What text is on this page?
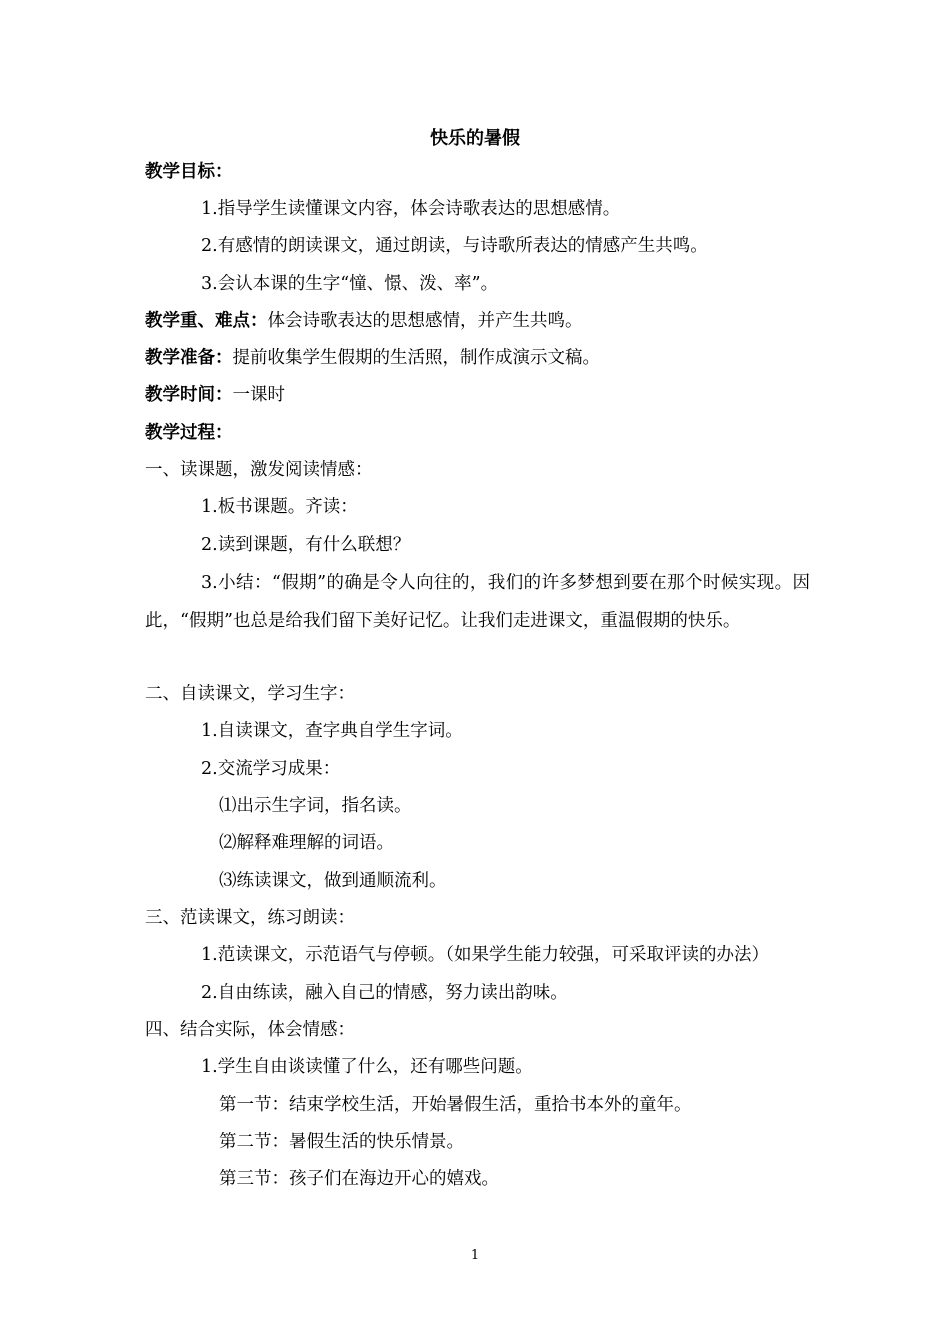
快乐的暑假
教学目标：
1.指导学生读懂课文内容，体会诗歌表达的思想感情。
2.有感情的朗读课文，通过朗读，与诗歌所表达的情感产生共鸣。
3.会认本课的生字“憧、憬、泼、率”。
教学重、难点：体会诗歌表达的思想感情，并产生共鸣。
教学准备：提前收集学生假期的生活照，制作成演示文稿。
教学时间：一课时
教学过程：
一、读课题，激发阅读情感：
1.板书课题。齐读：
2.读到课题，有什么联想？
3.小结：“假期”的确是令人向往的，我们的许多梦想到要在那个时候实现。因此，“假期”也总是给我们留下美好记忆。让我们走进课文，重温假期的快乐。
二、自读课文，学习生字：
1.自读课文，查字典自学生字词。
2.交流学习成果：
⑴出示生字词，指名读。
⑵解释难理解的词语。
⑶练读课文，做到通顺流利。
三、范读课文，练习朗读：
1.范读课文，示范语气与停顿。（如果学生能力较强，可采取评读的办法）
2.自由练读，融入自己的情感，努力读出韵味。
四、结合实际，体会情感：
1.学生自由谈读懂了什么，还有哪些问题。
第一节：结束学校生活，开始暑假生活，重拾书本外的童年。
第二节：暑假生活的快乐情景。
第三节：孩子们在海边开心的嬉戏。
1
